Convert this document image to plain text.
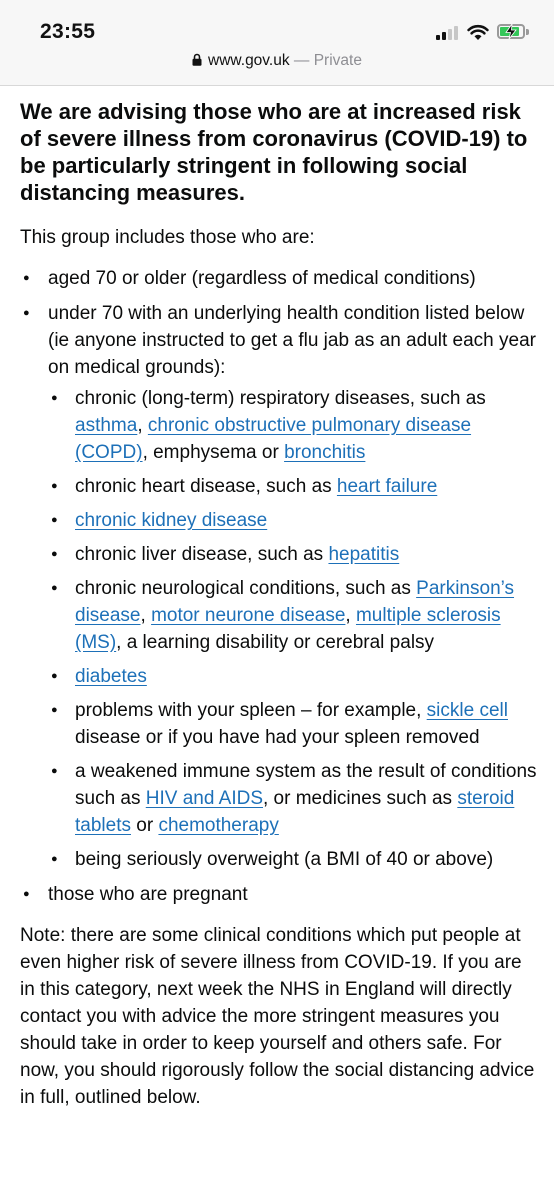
23:55
www.gov.uk — Private
We are advising those who are at increased risk of severe illness from coronavirus (COVID-19) to be particularly stringent in following social distancing measures.

This group includes those who are:

● aged 70 or older (regardless of medical conditions)
● under 70 with an underlying health condition listed below (ie anyone instructed to get a flu jab as an adult each year on medical grounds):
● chronic (long-term) respiratory diseases, such as asthma, chronic obstructive pulmonary disease (COPD), emphysema or bronchitis
● chronic heart disease, such as heart failure
● chronic kidney disease
● chronic liver disease, such as hepatitis
● chronic neurological conditions, such as Parkinson’s disease, motor neurone disease, multiple sclerosis (MS), a learning disability or cerebral palsy
● diabetes
● problems with your spleen – for example, sickle cell disease or if you have had your spleen removed
● a weakened immune system as the result of conditions such as HIV and AIDS, or medicines such as steroid tablets or chemotherapy
● being seriously overweight (a BMI of 40 or above)
● those who are pregnant

Note: there are some clinical conditions which put people at even higher risk of severe illness from COVID-19. If you are in this category, next week the NHS in England will directly contact you with advice the more stringent measures you should take in order to keep yourself and others safe. For now, you should rigorously follow the social distancing advice in full, outlined below.
